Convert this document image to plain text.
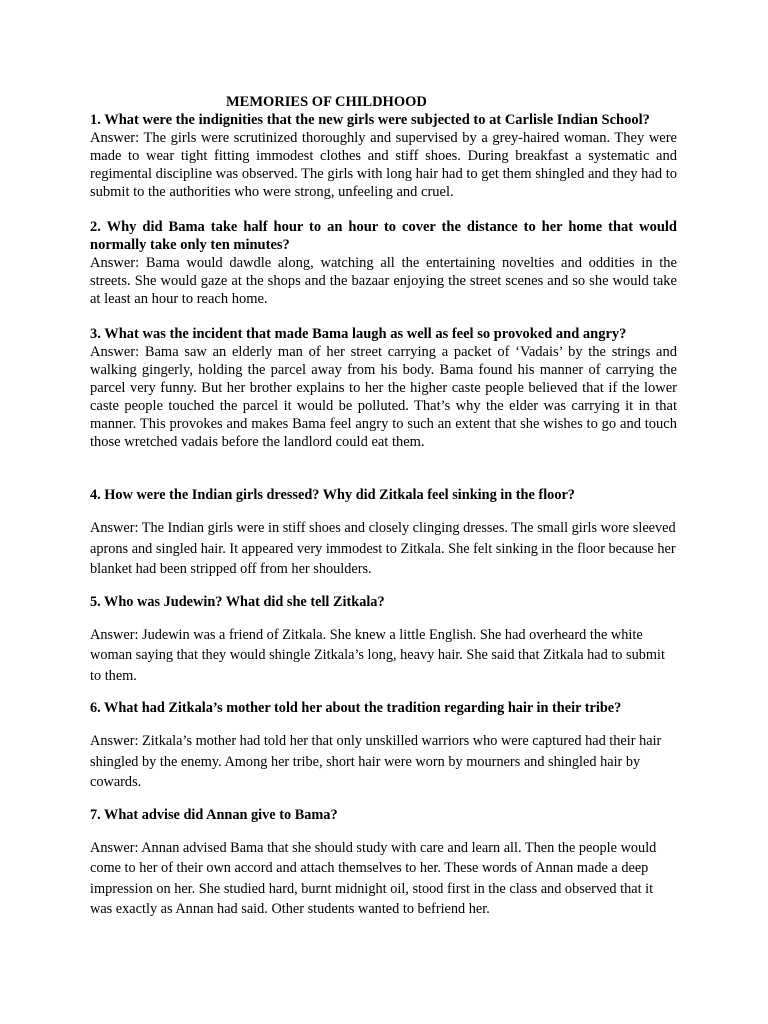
MEMORIES OF CHILDHOOD

1. What were the indignities that the new girls were subjected to at Carlisle Indian School?

Answer: The girls were scrutinized thoroughly and supervised by a grey-haired woman. They were made to wear tight fitting immodest clothes and stiff shoes. During breakfast a systematic and regimental discipline was observed. The girls with long hair had to get them shingled and they had to submit to the authorities who were strong, unfeeling and cruel.

2. Why did Bama take half hour to an hour to cover the distance to her home that would normally take only ten minutes?

Answer: Bama would dawdle along, watching all the entertaining novelties and oddities in the streets. She would gaze at the shops and the bazaar enjoying the street scenes and so she would take at least an hour to reach home.

3. What was the incident that made Bama laugh as well as feel so provoked and angry?

Answer: Bama saw an elderly man of her street carrying a packet of ‘Vadais’ by the strings and walking gingerly, holding the parcel away from his body. Bama found his manner of carrying the parcel very funny. But her brother explains to her the higher caste people believed that if the lower caste people touched the parcel it would be polluted. That’s why the elder was carrying it in that manner. This provokes and makes Bama feel angry to such an extent that she wishes to go and touch those wretched vadais before the landlord could eat them.

4. How were the Indian girls dressed? Why did Zitkala feel sinking in the floor?

Answer: The Indian girls were in stiff shoes and closely clinging dresses. The small girls wore sleeved aprons and singled hair. It appeared very immodest to Zitkala. She felt sinking in the floor because her blanket had been stripped off from her shoulders.

5. Who was Judewin? What did she tell Zitkala?

Answer: Judewin was a friend of Zitkala. She knew a little English. She had overheard the white woman saying that they would shingle Zitkala’s long, heavy hair. She said that Zitkala had to submit to them.

6. What had Zitkala’s mother told her about the tradition regarding hair in their tribe?

Answer: Zitkala’s mother had told her that only unskilled warriors who were captured had their hair shingled by the enemy. Among her tribe, short hair were worn by mourners and shingled hair by cowards.

7. What advise did Annan give to Bama?

Answer: Annan advised Bama that she should study with care and learn all. Then the people would come to her of their own accord and attach themselves to her. These words of Annan made a deep impression on her. She studied hard, burnt midnight oil, stood first in the class and observed that it was exactly as Annan had said. Other students wanted to befriend her.
